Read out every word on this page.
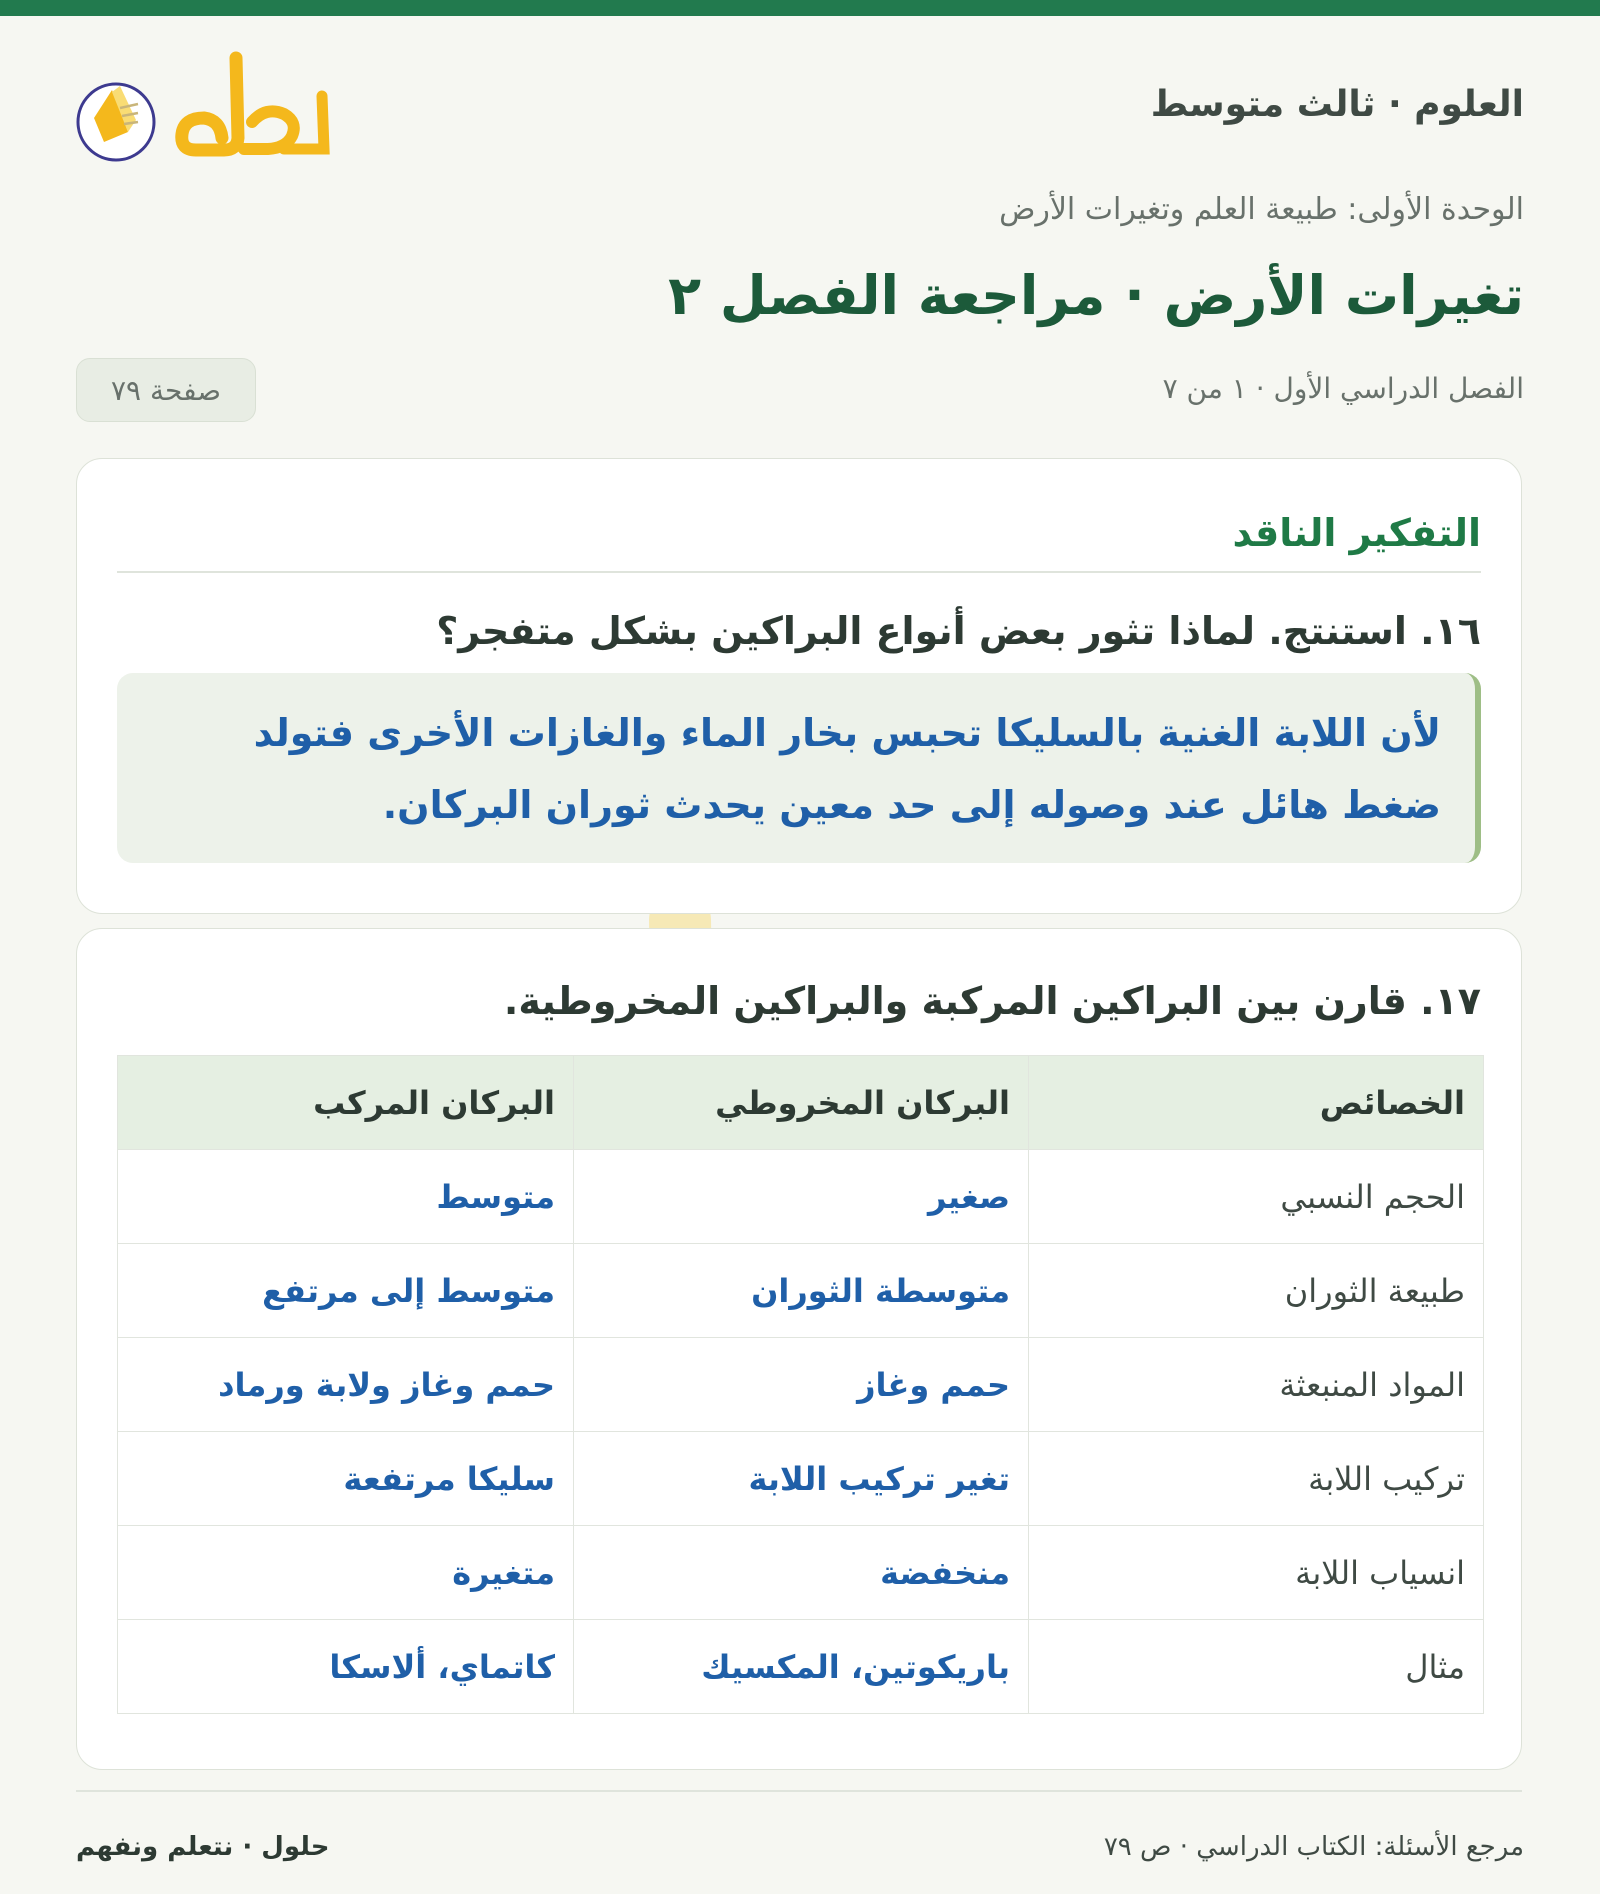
العلوم · ثالث متوسط
الوحدة الأولى: طبيعة العلم وتغيرات الأرض
تغيرات الأرض · مراجعة الفصل ٢
الفصل الدراسي الأول · ١ من ٧
صفحة ٧٩
التفكير الناقد
١٦. استنتج. لماذا تثور بعض أنواع البراكين بشكل متفجر؟
لأن اللابة الغنية بالسليكا تحبس بخار الماء والغازات الأخرى فتولد ضغط هائل عند وصوله إلى حد معين يحدث ثوران البركان.
١٧. قارن بين البراكين المركبة والبراكين المخروطية.
الخصائص	البركان المخروطي	البركان المركب
الحجم النسبي	صغير	متوسط
طبيعة الثوران	متوسطة الثوران	متوسط إلى مرتفع
المواد المنبعثة	حمم وغاز	حمم وغاز ولابة ورماد
تركيب اللابة	تغير تركيب اللابة	سليكا مرتفعة
انسياب اللابة	منخفضة	متغيرة
مثال	باريكوتين، المكسيك	كاتماي، ألاسكا
مرجع الأسئلة: الكتاب الدراسي · ص ٧٩
حلول · نتعلم ونفهم
